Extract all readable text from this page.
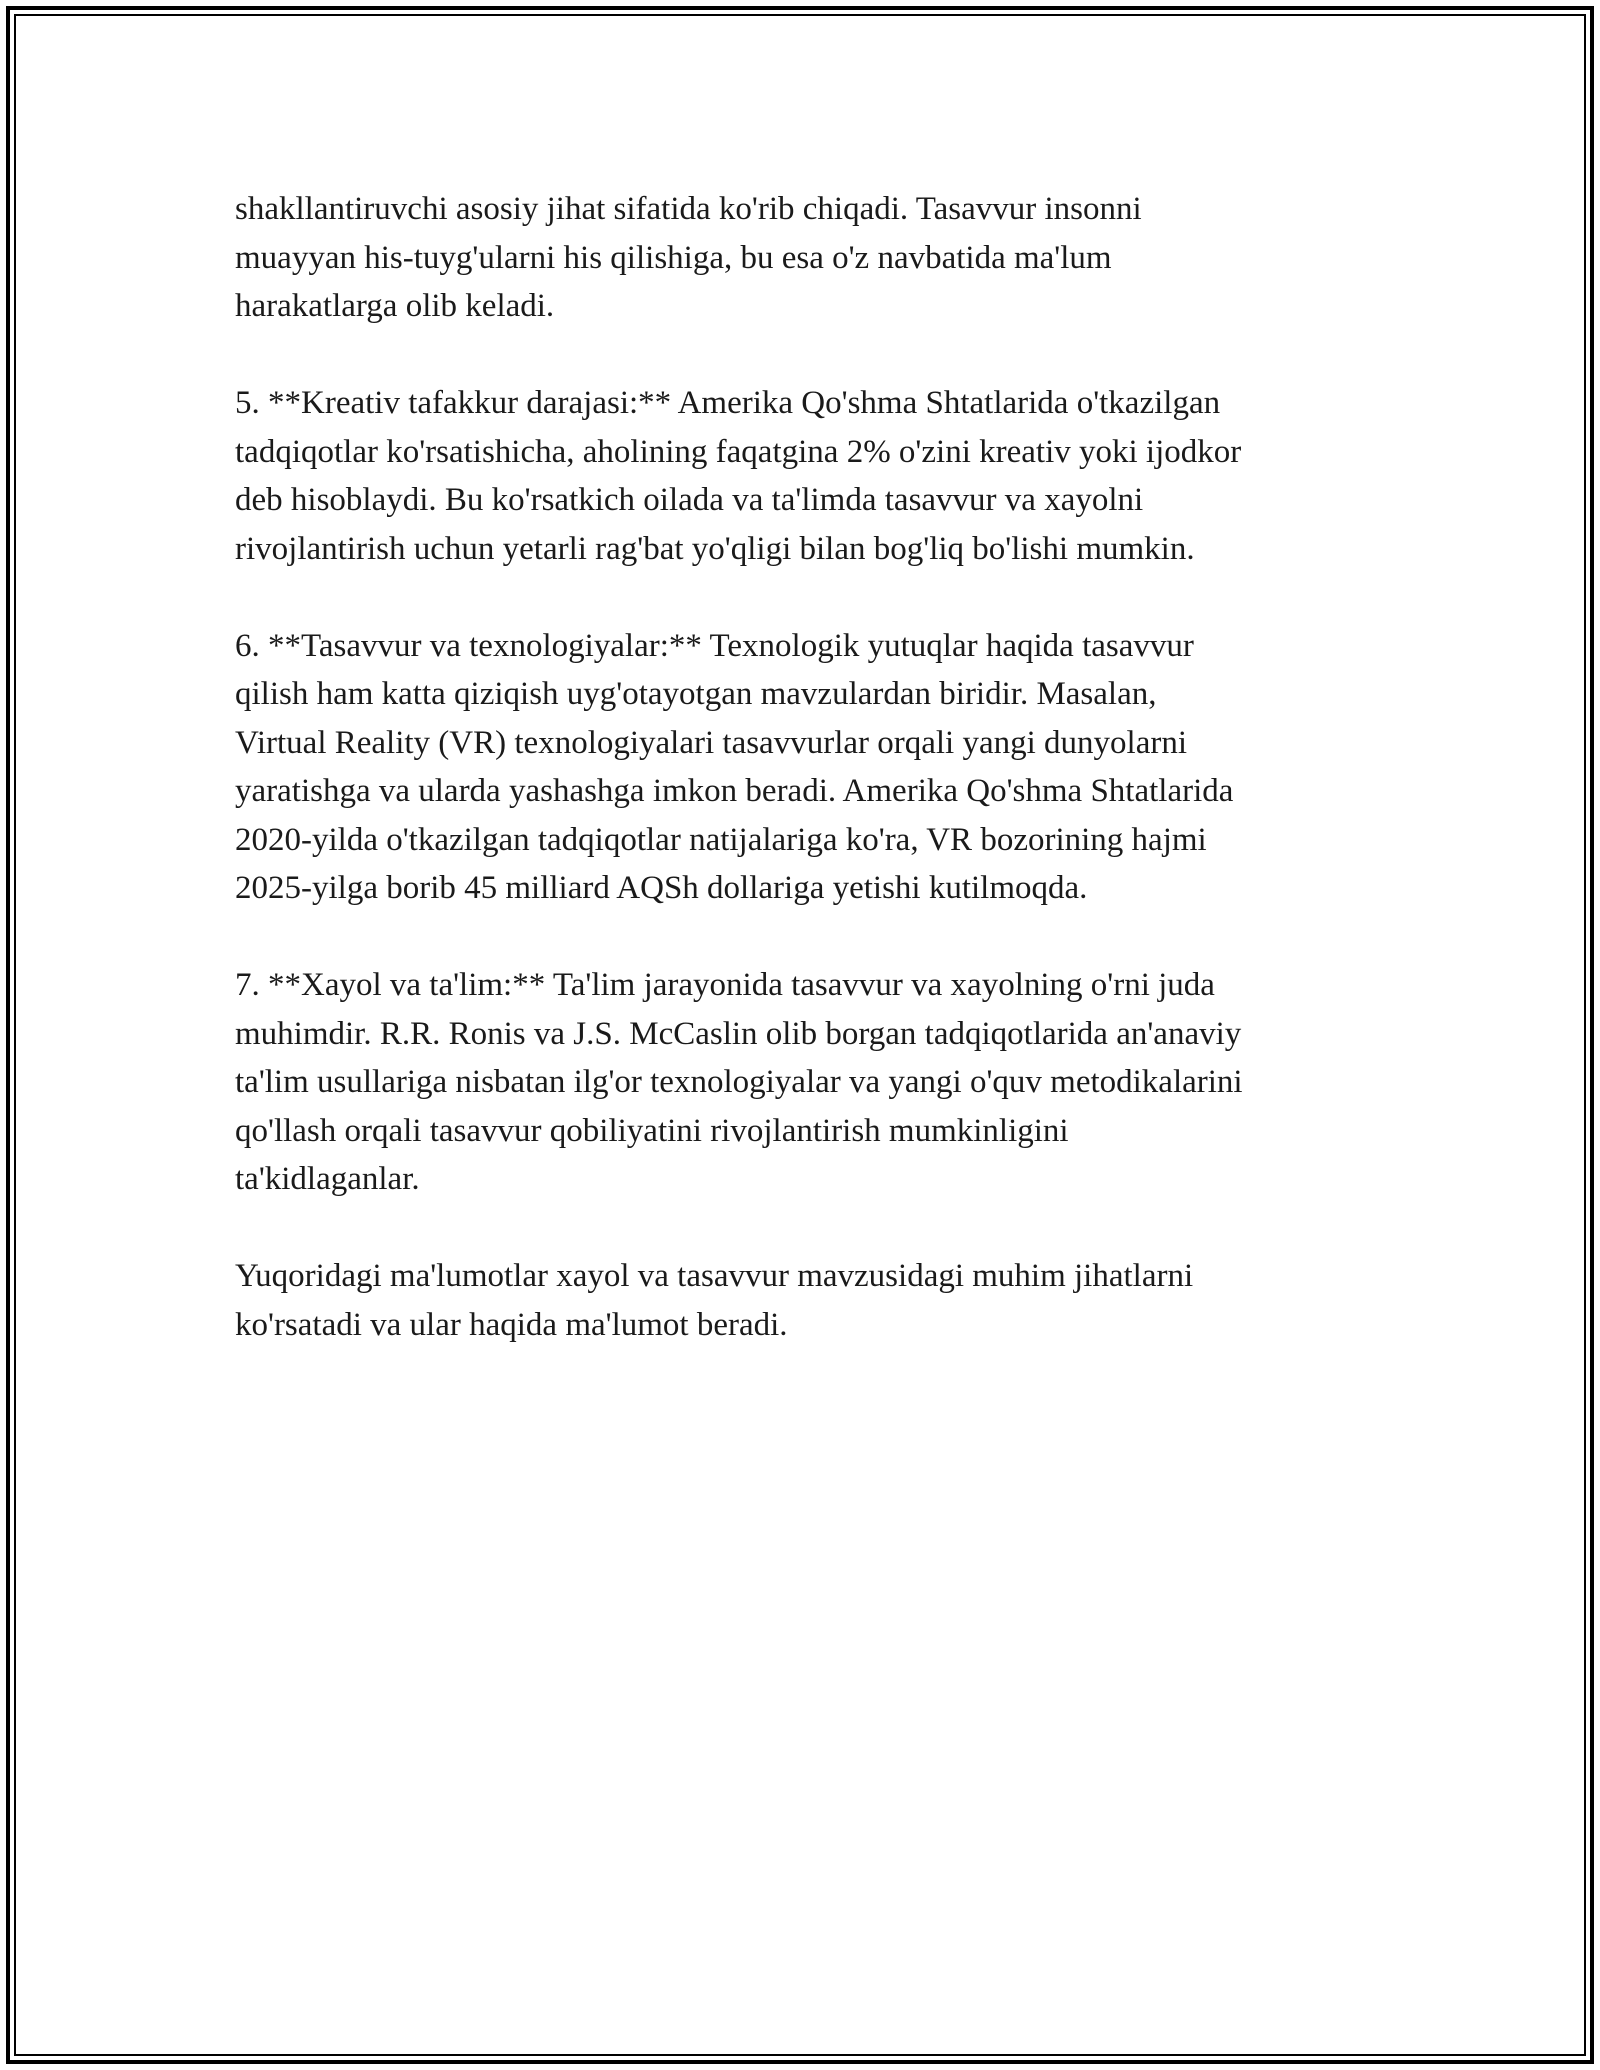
shakllantiruvchi asosiy jihat sifatida ko'rib chiqadi. Tasavvur insonni
muayyan his-tuyg'ularni his qilishiga, bu esa o'z navbatida ma'lum
harakatlarga olib keladi.

5. **Kreativ tafakkur darajasi:** Amerika Qo'shma Shtatlarida o'tkazilgan
tadqiqotlar ko'rsatishicha, aholining faqatgina 2% o'zini kreativ yoki ijodkor
deb hisoblaydi. Bu ko'rsatkich oilada va ta'limda tasavvur va xayolni
rivojlantirish uchun yetarli rag'bat yo'qligi bilan bog'liq bo'lishi mumkin.

6. **Tasavvur va texnologiyalar:** Texnologik yutuqlar haqida tasavvur
qilish ham katta qiziqish uyg'otayotgan mavzulardan biridir. Masalan,
Virtual Reality (VR) texnologiyalari tasavvurlar orqali yangi dunyolarni
yaratishga va ularda yashashga imkon beradi. Amerika Qo'shma Shtatlarida
2020-yilda o'tkazilgan tadqiqotlar natijalariga ko'ra, VR bozorining hajmi
2025-yilga borib 45 milliard AQSh dollariga yetishi kutilmoqda.

7. **Xayol va ta'lim:** Ta'lim jarayonida tasavvur va xayolning o'rni juda
muhimdir. R.R. Ronis va J.S. McCaslin olib borgan tadqiqotlarida an'anaviy
ta'lim usullariga nisbatan ilg'or texnologiyalar va yangi o'quv metodikalarini
qo'llash orqali tasavvur qobiliyatini rivojlantirish mumkinligini
ta'kidlaganlar.

Yuqoridagi ma'lumotlar xayol va tasavvur mavzusidagi muhim jihatlarni
ko'rsatadi va ular haqida ma'lumot beradi.
